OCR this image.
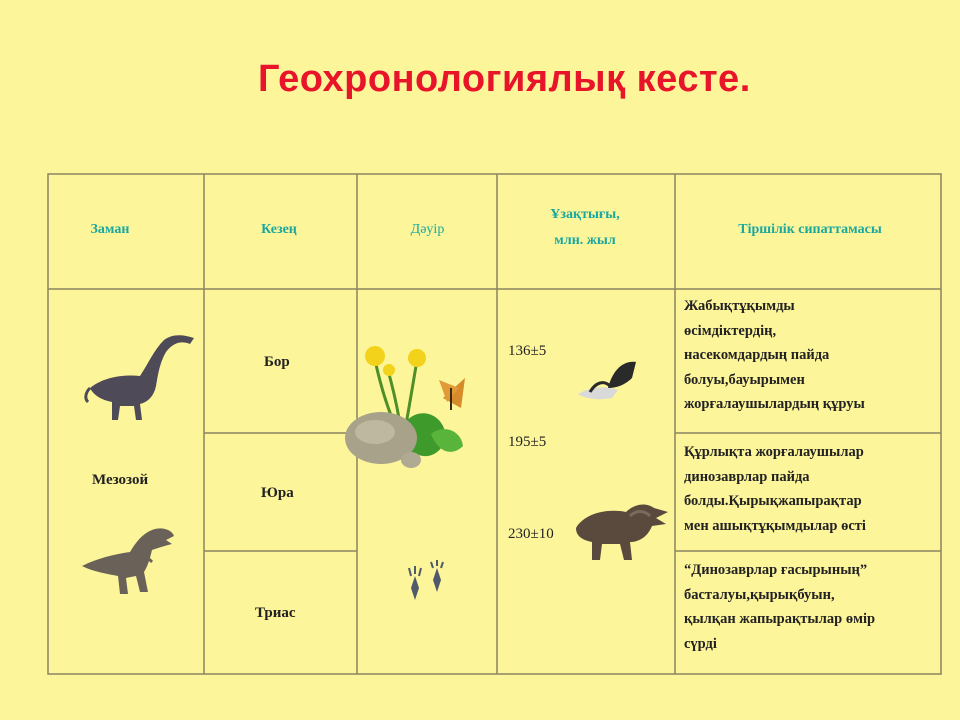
Геохронологиялық кесте.
Заман	Кезең	Дәуір
Ұзақтығы,
млн. жыл
Тіршілік сипаттамасы
Мезозой
Бор
Юра
Триас
136±5
195±5
230±10
Жабықтұқымды
өсімдіктердің,
насекомдардың пайда
болуы,бауырымен
жорғалаушылардың құруы
Құрлықта жорғалаушылар
динозаврлар пайда
болды.Қырықжапырақтар
мен ашықтұқымдылар өсті
“Динозаврлар ғасырының”
басталуы,қырықбуын,
қылқан жапырақтылар өмір
сүрді
